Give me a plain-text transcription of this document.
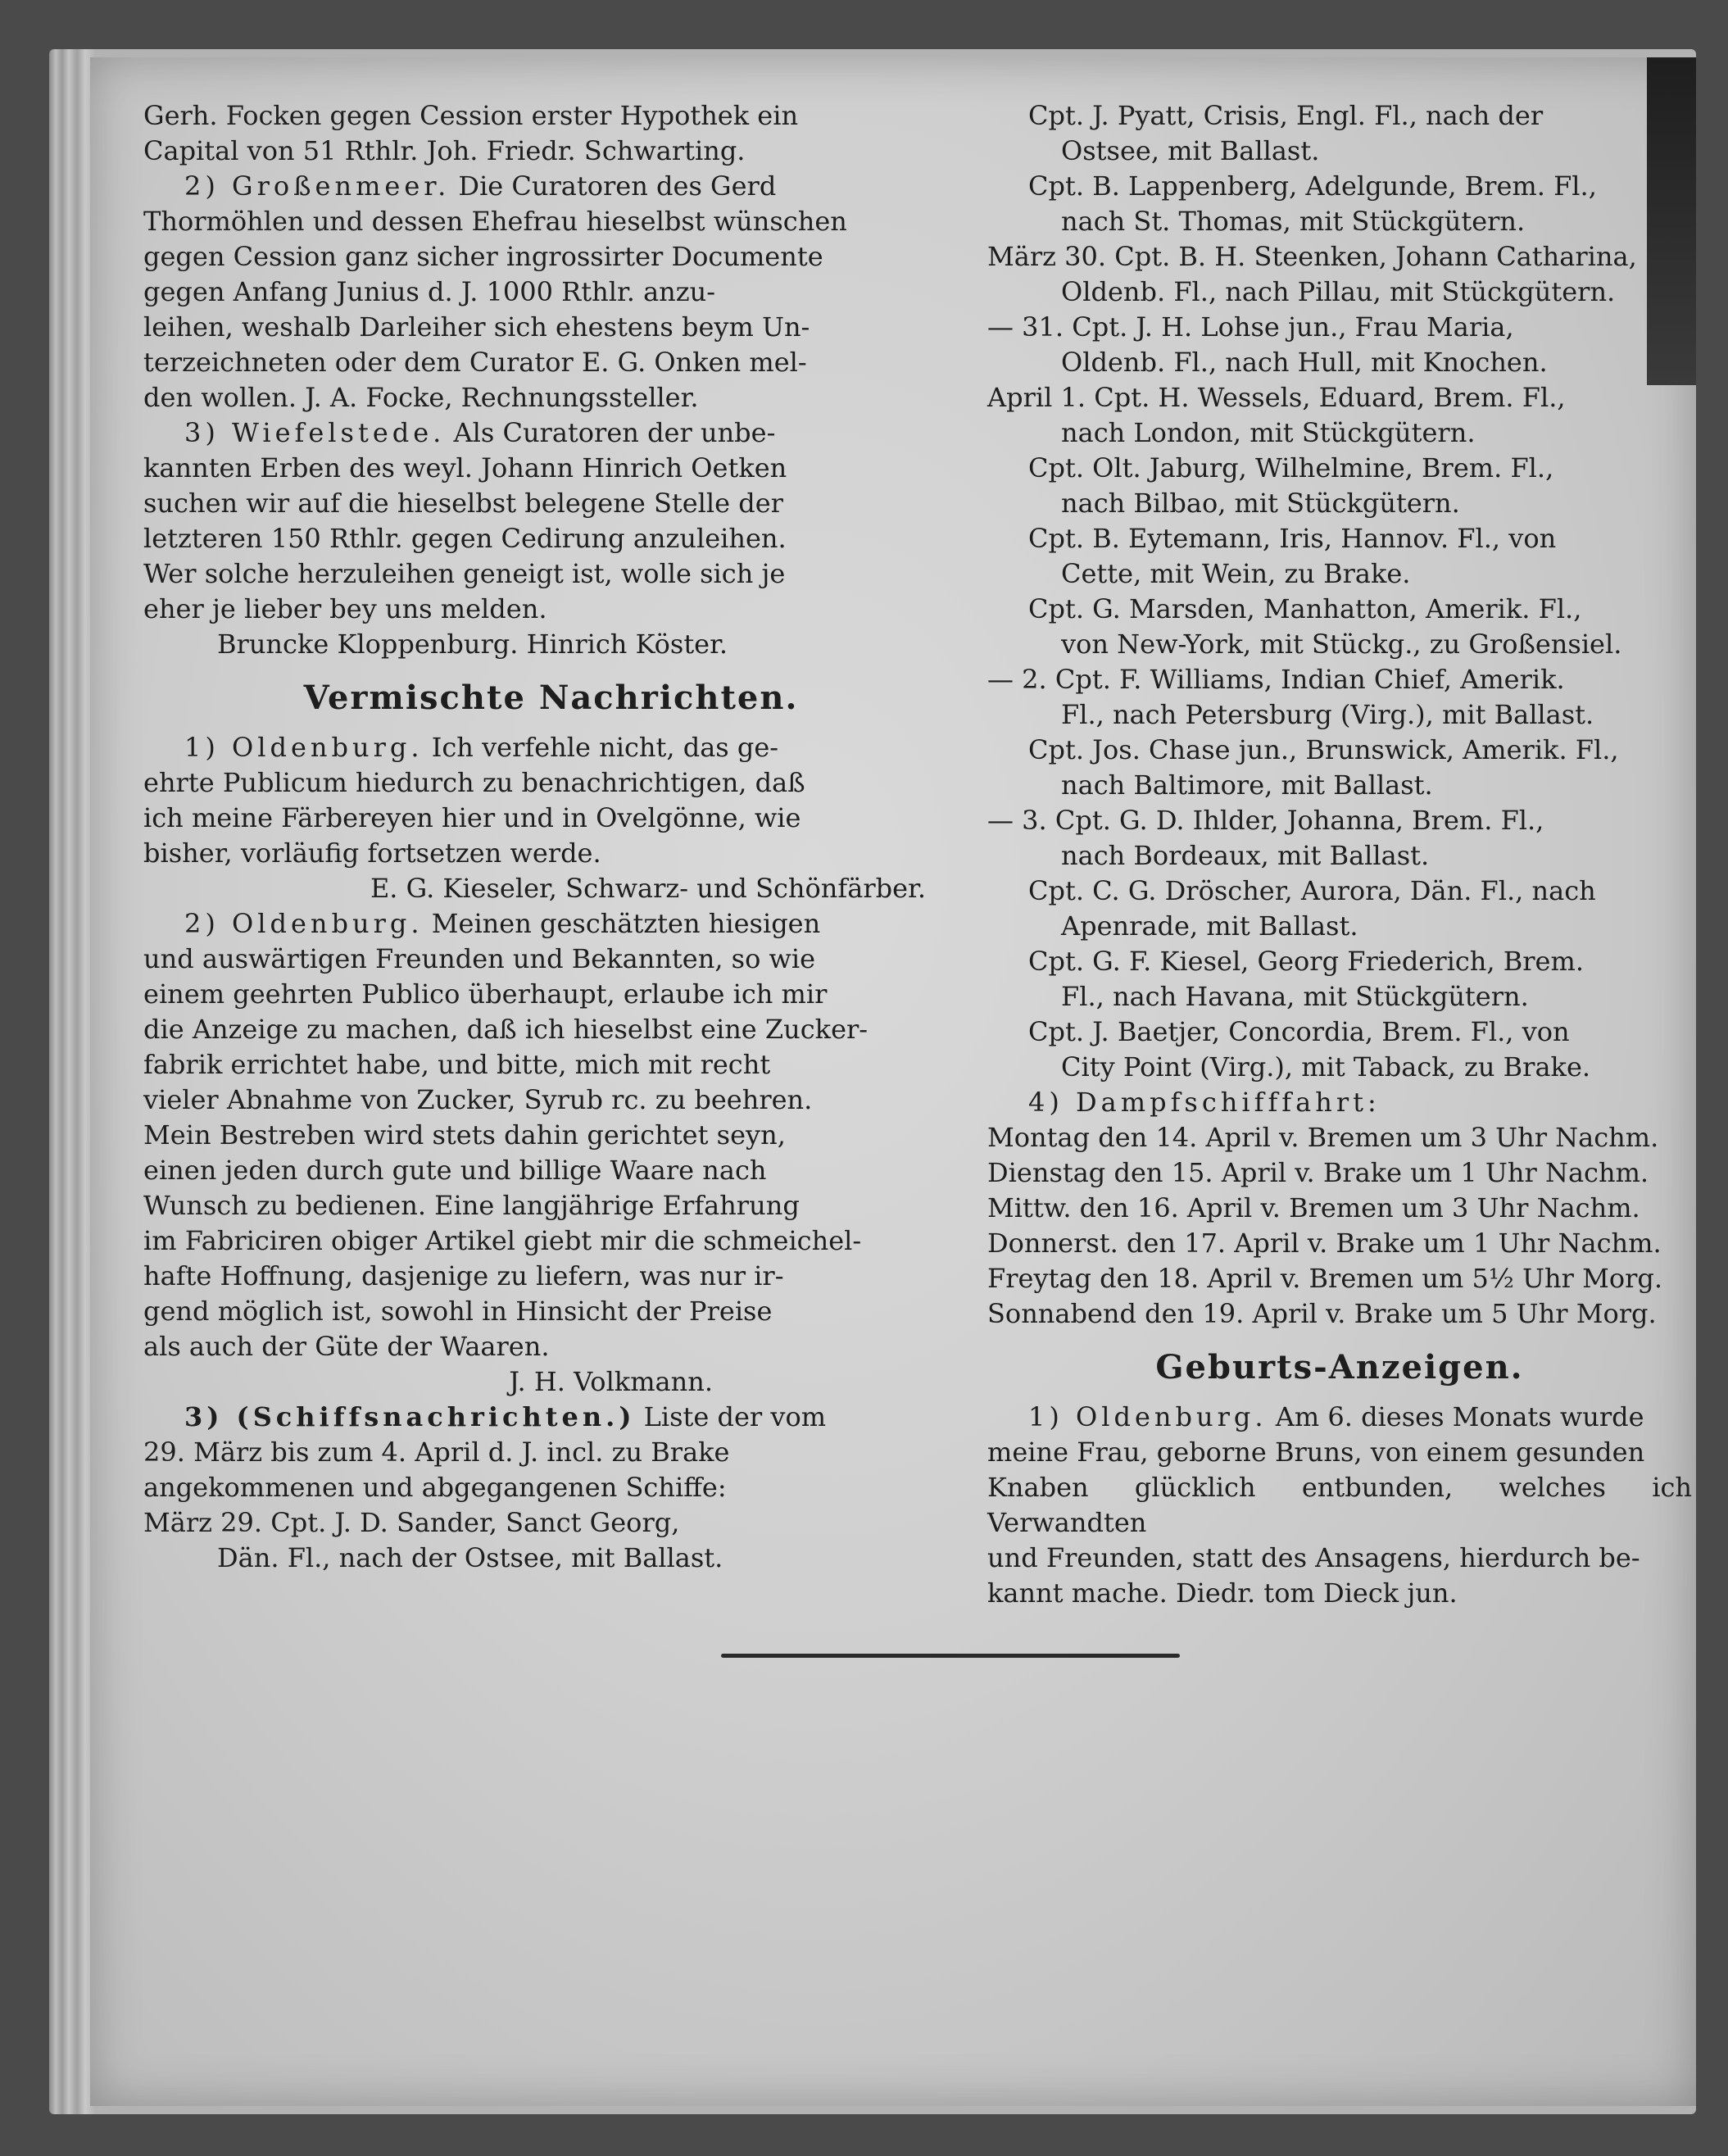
Gerh. Focken gegen Cession erster Hypothek ein

Capital von 51 Rthlr. Joh. Friedr. Schwarting.

2) Großenmeer. Die Curatoren des Gerd

Thormöhlen und dessen Ehefrau hieselbst wünschen

gegen Cession ganz sicher ingrossirter Documente

gegen Anfang Junius d. J. 1000 Rthlr. anzu-

leihen, weshalb Darleiher sich ehestens beym Un-

terzeichneten oder dem Curator E. G. Onken mel-

den wollen. J. A. Focke, Rechnungssteller.

3) Wiefelstede. Als Curatoren der unbe-

kannten Erben des weyl. Johann Hinrich Oetken

suchen wir auf die hieselbst belegene Stelle der

letzteren 150 Rthlr. gegen Cedirung anzuleihen.

Wer solche herzuleihen geneigt ist, wolle sich je

eher je lieber bey uns melden.

Bruncke Kloppenburg. Hinrich Köster.

Vermischte Nachrichten.

1) Oldenburg. Ich verfehle nicht, das ge-

ehrte Publicum hiedurch zu benachrichtigen, daß

ich meine Färbereyen hier und in Ovelgönne, wie

bisher, vorläufig fortsetzen werde.

E. G. Kieseler, Schwarz- und Schönfärber.

2) Oldenburg. Meinen geschätzten hiesigen

und auswärtigen Freunden und Bekannten, so wie

einem geehrten Publico überhaupt, erlaube ich mir

die Anzeige zu machen, daß ich hieselbst eine Zucker-

fabrik errichtet habe, und bitte, mich mit recht

vieler Abnahme von Zucker, Syrub rc. zu beehren.

Mein Bestreben wird stets dahin gerichtet seyn,

einen jeden durch gute und billige Waare nach

Wunsch zu bedienen. Eine langjährige Erfahrung

im Fabriciren obiger Artikel giebt mir die schmeichel-

hafte Hoffnung, dasjenige zu liefern, was nur ir-

gend möglich ist, sowohl in Hinsicht der Preise

als auch der Güte der Waaren.

J. H. Volkmann.

3) (Schiffsnachrichten.) Liste der vom

29. März bis zum 4. April d. J. incl. zu Brake

angekommenen und abgegangenen Schiffe:

März 29. Cpt. J. D. Sander, Sanct Georg,

Dän. Fl., nach der Ostsee, mit Ballast.

Cpt. J. Pyatt, Crisis, Engl. Fl., nach der

Ostsee, mit Ballast.

Cpt. B. Lappenberg, Adelgunde, Brem. Fl.,

nach St. Thomas, mit Stückgütern.

März 30. Cpt. B. H. Steenken, Johann Catharina,

Oldenb. Fl., nach Pillau, mit Stückgütern.

— 31. Cpt. J. H. Lohse jun., Frau Maria,

Oldenb. Fl., nach Hull, mit Knochen.

April 1. Cpt. H. Wessels, Eduard, Brem. Fl.,

nach London, mit Stückgütern.

Cpt. Olt. Jaburg, Wilhelmine, Brem. Fl.,

nach Bilbao, mit Stückgütern.

Cpt. B. Eytemann, Iris, Hannov. Fl., von

Cette, mit Wein, zu Brake.

Cpt. G. Marsden, Manhatton, Amerik. Fl.,

von New-York, mit Stückg., zu Großensiel.

— 2. Cpt. F. Williams, Indian Chief, Amerik.

Fl., nach Petersburg (Virg.), mit Ballast.

Cpt. Jos. Chase jun., Brunswick, Amerik. Fl.,

nach Baltimore, mit Ballast.

— 3. Cpt. G. D. Ihlder, Johanna, Brem. Fl.,

nach Bordeaux, mit Ballast.

Cpt. C. G. Dröscher, Aurora, Dän. Fl., nach

Apenrade, mit Ballast.

Cpt. G. F. Kiesel, Georg Friederich, Brem.

Fl., nach Havana, mit Stückgütern.

Cpt. J. Baetjer, Concordia, Brem. Fl., von

City Point (Virg.), mit Taback, zu Brake.

4) Dampfschifffahrt:

Montag den 14. April v. Bremen um 3 Uhr Nachm.

Dienstag den 15. April v. Brake um 1 Uhr Nachm.

Mittw. den 16. April v. Bremen um 3 Uhr Nachm.

Donnerst. den 17. April v. Brake um 1 Uhr Nachm.

Freytag den 18. April v. Bremen um 5½ Uhr Morg.

Sonnabend den 19. April v. Brake um 5 Uhr Morg.

Geburts-Anzeigen.

1) Oldenburg. Am 6. dieses Monats wurde

meine Frau, geborne Bruns, von einem gesunden

Knaben glücklich entbunden, welches ich Verwandten

und Freunden, statt des Ansagens, hierdurch be-

kannt mache. Diedr. tom Dieck jun.
